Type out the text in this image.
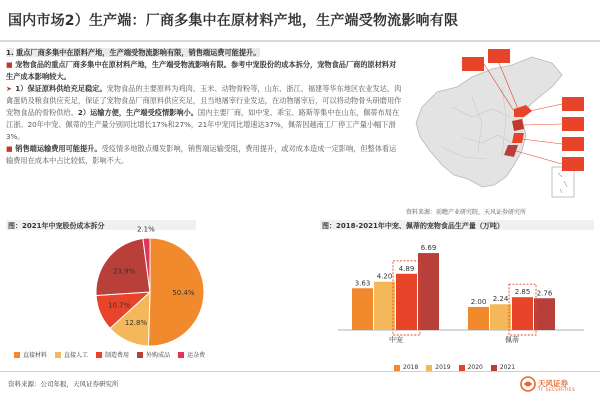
国内市场2）生产端：厂商多集中在原材料产地，生产端受物流影响有限

1. 重点厂商多集中在原料产地，生产端受物流影响有限，销售端运费可能提升。

■ 宠物食品的重点厂商多集中在原材料产地，生产端受物流影响有限。参考中宠股份的成本拆分，宠物食品厂商的原材料对生产成本影响较大。

➤ 1）保证原料供给充足稳定。宠物食品的主要原料为鸡肉、玉米、动物骨粉等，山东、浙江、福建等华东地区农业发达，肉禽蛋奶及粮食供应充足，保证了宠物食品厂商原料供应充足，且当地屠宰行业发达，在动物屠宰后，可以将动物骨头研磨用作宠物食品的骨粉供给。2）运输方便，生产端受疫情影响小。国内主要厂商，如中宠、乖宝、路斯等集中在山东，佩蒂布局在江浙。20年中宠、佩蒂的生产量分别同比增长17%和27%，21年中宠同比增速达37%，佩蒂因越南工厂停工产量小幅下滑3%。

■ 销售端运输费用可能提升。受疫情多地散点爆发影响，销售端运输受阻，费用提升，或对成本造成一定影响，但整体看运输费用在成本中占比较低，影响不大。

资料来源：前瞻产业研究院，天风证券研究所
图：2021年中宠股份成本拆分
50.4%
12.8%
10.7%
23.9%
2.1%
直接材料	直接人工	制造费用	外购成品	运杂费
图：2018-2021年中宠、佩蒂的宠物食品生产量（万吨）
3.63
4.20
4.89
6.69
中宠
2.00 2.24
2.85 2.76
佩蒂
2018	2019	2020	2021
资料来源：公司年报，天风证券研究所	天风证券
TF SECURITIES
